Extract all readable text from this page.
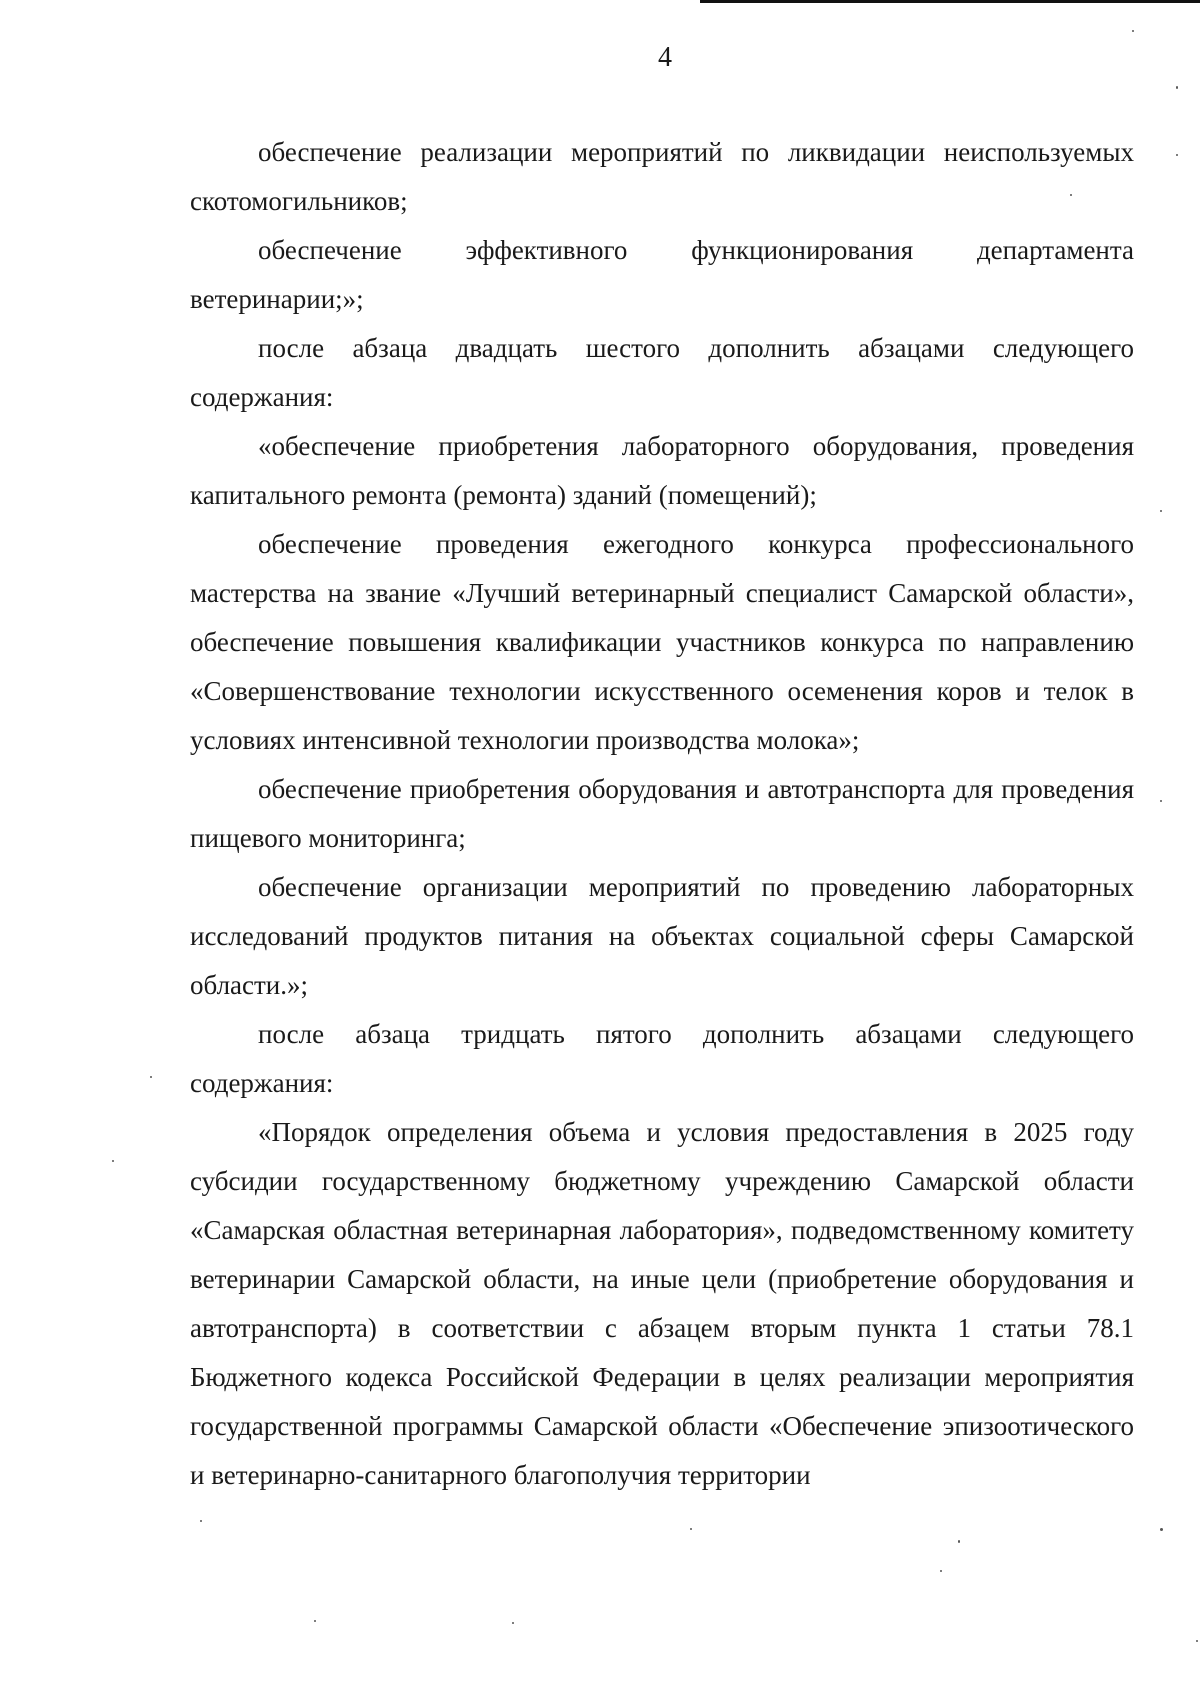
4

обеспечение реализации мероприятий по ликвидации неиспользуемых скотомогильников;

обеспечение эффективного функционирования департамента ветеринарии;»;

после абзаца двадцать шестого дополнить абзацами следующего содержания:

«обеспечение приобретения лабораторного оборудования, проведения капитального ремонта (ремонта) зданий (помещений);

обеспечение проведения ежегодного конкурса профессионального мастерства на звание «Лучший ветеринарный специалист Самарской области», обеспечение повышения квалификации участников конкурса по направлению «Совершенствование технологии искусственного осеменения коров и телок в условиях интенсивной технологии производства молока»;

обеспечение приобретения оборудования и автотранспорта для проведения пищевого мониторинга;

обеспечение организации мероприятий по проведению лабораторных исследований продуктов питания на объектах социальной сферы Самарской области.»;

после абзаца тридцать пятого дополнить абзацами следующего содержания:

«Порядок определения объема и условия предоставления в 2025 году субсидии государственному бюджетному учреждению Самарской области «Самарская областная ветеринарная лаборатория», подведомственному комитету ветеринарии Самарской области, на иные цели (приобретение оборудования и автотранспорта) в соответствии с абзацем вторым пункта 1 статьи 78.1 Бюджетного кодекса Российской Федерации в целях реализации мероприятия государственной программы Самарской области «Обеспечение эпизоотического и ветеринарно-санитарного благополучия территории
